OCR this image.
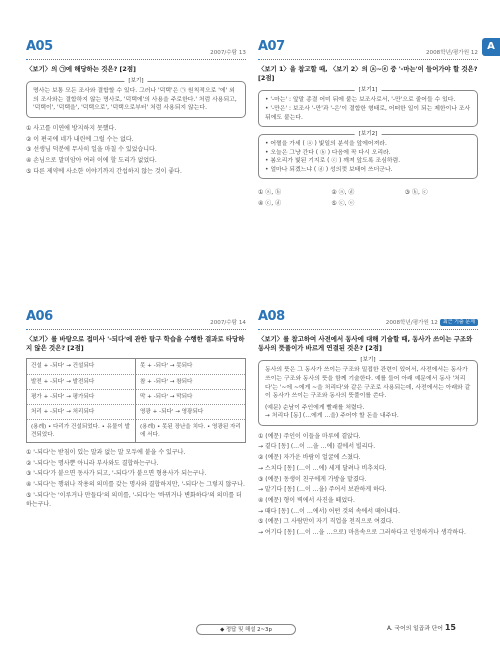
A
A05	2007/수탐 13
〈보기〉의 ㉠에 해당하는 것은? [2점]
[보기]
명사는 보통 모든 조사와 결합할 수 있다. 그러나 '덕택'은 ㉠ 원칙적으로 '에' 외의 조사와는 결합하지 않는 명사로, '덕택에'의 사용을 주로한다.' 처럼 사용되고, '덕택이', '덕택을', '덕택으로', '덕택으로부터' 처럼 사용되지 않는다.
① 사고를 미연에 방지하지 못했다.
② 이 편국에 네가 내린에 그럴 수는 없다.
③ 선생님 덕분에 무사히 일을 마칠 수 있었습니다.
④ 손님으로 말미암아 여러 이에 할 도리가 없었다.
⑤ 다른 제약에 사소한 이야기까지 간섭하지 않는 것이 좋다.
A07	2008학년/평가원 12
〈보기 1〉을 참고할 때, 〈보기 2〉의 ⓐ~ⓔ 중 '-마는'이 들어가야 할 것은? [2점]
[보기1]
• '-마는' : 앞말 종결 어미 뒤에 붙는 보조사로서, '-만'으로 줄어들 수 있다.
• '-만은' : 보조사 '-만'과 '-은'이 결합한 형태로, 어떠한 일이 되는 제한이나 조사 뒤에도 붙는다.
[보기2]
• 어쩔을 가세 ( ⓐ ) 빛일의 분석을 앞에어져라.
• 오늘은 그냥 간다 ( ⓑ ) 다음에 꼭 다시 오리라.
• 봄오리가 빛된 기지로 ( ⓒ ) 깨져 앞도록 조심하렴.
• 얼마나 되겠느냐 ( ⓓ ) 성의껏 보태어 쓰더군나.
① ⓐ, ⓑ	② ⓐ, ⓓ	③ ⓑ, ⓒ
④ ⓒ, ⓓ	⑤ ⓒ, ⓔ
A06	2007/수탐 14
〈보기〉를 바탕으로 접미사 '-되다'에 관한 탐구 학습을 수행한 결과로 타당하지 않은 것은? [2점]
건설 + -되다' → 건설되다	못 + -되다' → 못되다
발전 + -되다' → 발전되다	참 + -되다' → 참되다
평가 + -되다' → 평가되다	막 + -되다' → 막되다
처리 + -되다' → 처리되다	영광 + -되다' → 영광되다
(용례) • 다리가 건설되었다. • 유물이 발견되었다.
(용례) • 못된 장난을 치다. • 영광된 자리에 서다.
① '-되다'는 받침이 있는 말과 없는 말 모두에 붙을 수 있구나.
② '-되다'는 명사뿐 아니라 부사와도 결합하는구나.
③ '-되다'가 붙으면 동사가 되고, '-되다'가 붙으면 형용사가 되는구나.
④ '-되다'는 행위나 작용의 의미를 갖는 명사와 결합하지만, '-되다'는 그렇지 않구나.
⑤ '-되다'는 '이루거나 만들다'의 의미를, '-되다'는 '바뀌거나 변화하다'의 의미를 더하는구나.
A08	2008학년/평가원 12	최근 기출 문제
〈보기〉를 참고하여 사전에서 동사에 대해 기술할 때, 동사가 쓰이는 구조와 동사의 뜻풀이가 바르게 연결된 것은? [2점]
[보기]
동사의 뜻은 그 동사가 쓰이는 구조와 밀접한 관련이 있어서, 사전에서는 동사가 쓰이는 구조와 동사의 뜻을 함께 기술한다. 예를 들어 아래 예문에서 동사 '처리다'는 '~에 ~에게 ~을 처리다'와 같은 구조로 사용되는데, 사전에서는 아래와 같이 동사가 쓰이는 구조와 동사의 뜻풀이를 쓴다.
(예문) 순남이 주인에게 빨래를 처렸다.
→ 처리다 [동] (…에게 …을) 주어야 할 돈을 내주다.
① (예문) 주인이 이들을 마루에 곁앉다.
→ 곁다 [동] (…이 …을 …에) 곁에서 빌리다.
② (예문) 자가운 바람이 얼굴에 스쳤다.
→ 스치다 [동] (…이 …에) 세게 달려나 비추치다.
③ (예문) 동생이 친구에게 가방을 맡겼다.
→ 맡기다 [동] (…이 …을) 주어서 보관하게 하다.
④ (예문) 형이 벽에서 사진을 떼었다.
→ 때다 [동] (…이 …에서) 어떤 것의 속에서 떼어내다.
⑤ (예문) 그 사람만이 자기 직업을 천직으로 여겼다.
→ 여기다 [동] (…이 …을 …으로) 마음속으로 그러하다고 인정하거나 생각하다.
◆ 정답 및 해설 2~3p	A. 국어의 일곱과 단어 15
